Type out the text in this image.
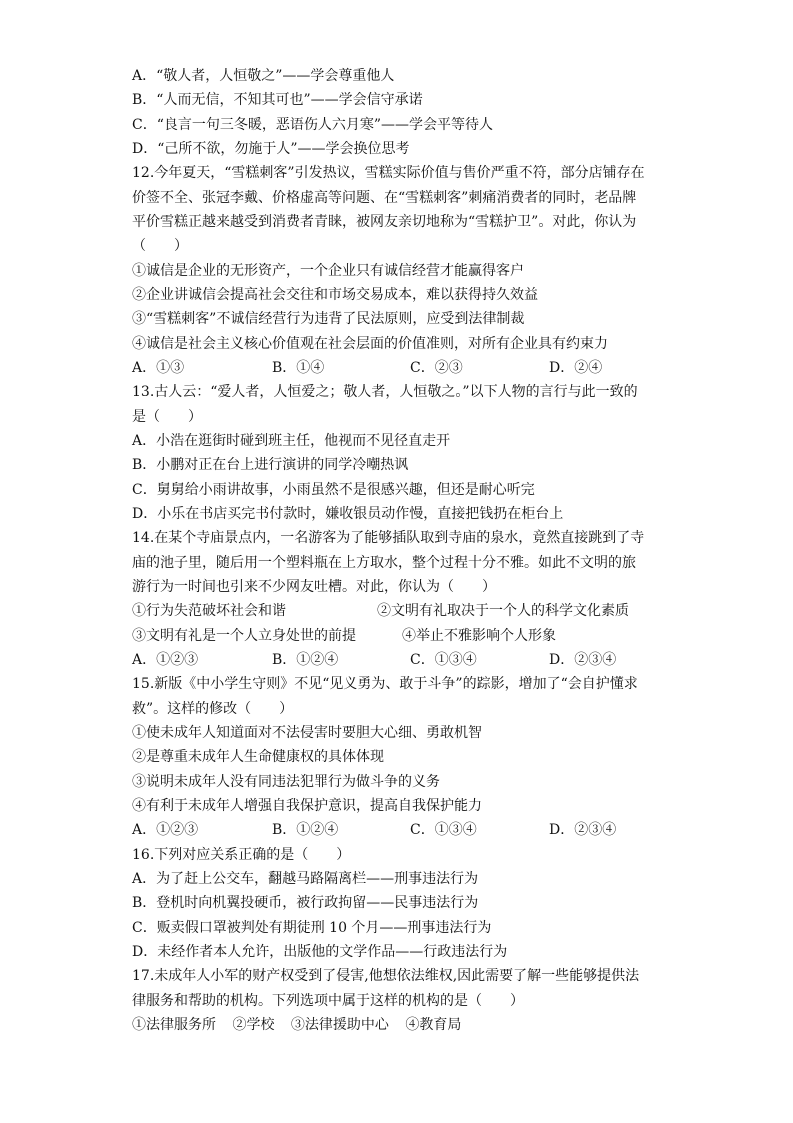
A．“敬人者，人恒敬之”——学会尊重他人
B．“人而无信，不知其可也”——学会信守承诺
C．“良言一句三冬暖，恶语伤人六月寒”——学会平等待人
D．“己所不欲，勿施于人”——学会换位思考
12.今年夏天，“雪糕刺客”引发热议，雪糕实际价值与售价严重不符，部分店铺存在
价签不全、张冠李戴、价格虚高等问题、在“雪糕刺客”刺痛消费者的同时，老品牌
平价雪糕正越来越受到消费者青睐，被网友亲切地称为“雪糕护卫”。对此，你认为
（　　）
①诚信是企业的无形资产，一个企业只有诚信经营才能赢得客户
②企业讲诚信会提高社会交往和市场交易成本，难以获得持久效益
③“雪糕刺客”不诚信经营行为违背了民法原则，应受到法律制裁
④诚信是社会主义核心价值观在社会层面的价值准则，对所有企业具有约束力
A．①③	B．①④	C．②③	D．②④
13.古人云：“爱人者，人恒爱之；敬人者，人恒敬之。”以下人物的言行与此一致的
是（　　）
A．小浩在逛街时碰到班主任，他视而不见径直走开
B．小鹏对正在台上进行演讲的同学冷嘲热讽
C．舅舅给小雨讲故事，小雨虽然不是很感兴趣，但还是耐心听完
D．小乐在书店买完书付款时，嫌收银员动作慢，直接把钱扔在柜台上
14.在某个寺庙景点内，一名游客为了能够插队取到寺庙的泉水，竟然直接跳到了寺
庙的池子里，随后用一个塑料瓶在上方取水，整个过程十分不雅。如此不文明的旅
游行为一时间也引来不少网友吐槽。对此，你认为（　　）
①行为失范破坏社会和谐	②文明有礼取决于一个人的科学文化素质
③文明有礼是一个人立身处世的前提	④举止不雅影响个人形象
A．①②③	B．①②④	C．①③④	D．②③④
15.新版《中小学生守则》不见“见义勇为、敢于斗争”的踪影，增加了“会自护懂求
救”。这样的修改（　　）
①使未成年人知道面对不法侵害时要胆大心细、勇敢机智
②是尊重未成年人生命健康权的具体体现
③说明未成年人没有同违法犯罪行为做斗争的义务
④有利于未成年人增强自我保护意识，提高自我保护能力
A．①②③	B．①②④	C．①③④	D．②③④
16.下列对应关系正确的是（　　）
A．为了赶上公交车，翻越马路隔离栏——刑事违法行为
B．登机时向机翼投硬币，被行政拘留——民事违法行为
C．贩卖假口罩被判处有期徒刑 10 个月——刑事违法行为
D．未经作者本人允许，出版他的文学作品——行政违法行为
17.未成年人小军的财产权受到了侵害,他想依法维权,因此需要了解一些能够提供法
律服务和帮助的机构。下列选项中属于这样的机构的是（　　）
①法律服务所 ②学校 ③法律援助中心 ④教育局
